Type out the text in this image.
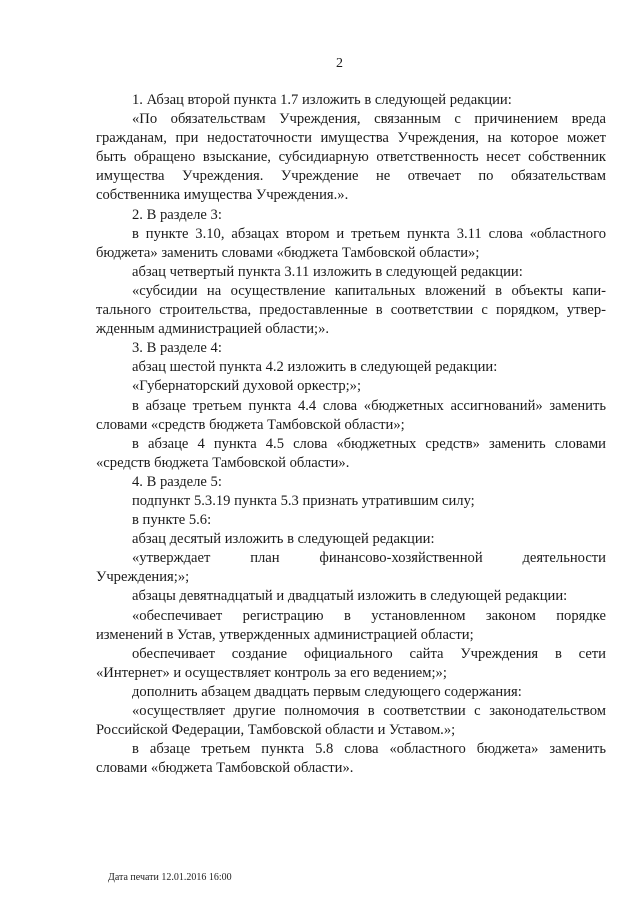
2
1. Абзац второй пункта 1.7 изложить в следующей редакции:
«По обязательствам Учреждения, связанным с причинением вреда
гражданам, при недостаточности имущества Учреждения, на которое может
быть обращено взыскание, субсидиарную ответственность несет собственник
имущества Учреждения. Учреждение не отвечает по обязательствам
собственника имущества Учреждения.».
2. В разделе 3:
в пункте 3.10, абзацах втором и третьем пункта 3.11 слова «областного
бюджета» заменить словами «бюджета Тамбовской области»;
абзац четвертый пункта 3.11 изложить в следующей редакции:
«субсидии на осуществление капитальных вложений в объекты капи-
тального строительства, предоставленные в соответствии с порядком, утвер-
жденным администрацией области;».
3. В разделе 4:
абзац шестой пункта 4.2 изложить в следующей редакции:
«Губернаторский духовой оркестр;»;
в абзаце третьем пункта 4.4 слова «бюджетных ассигнований» заменить
словами «средств бюджета Тамбовской области»;
в абзаце 4 пункта 4.5 слова «бюджетных средств» заменить словами
«средств бюджета Тамбовской области».
4. В разделе 5:
подпункт 5.3.19 пункта 5.3 признать утратившим силу;
в пункте 5.6:
абзац десятый изложить в следующей редакции:
«утверждает план финансово-хозяйственной деятельности
Учреждения;»;
абзацы девятнадцатый и двадцатый изложить в следующей редакции:
«обеспечивает регистрацию в установленном законом порядке
изменений в Устав, утвержденных администрацией области;
обеспечивает создание официального сайта Учреждения в сети
«Интернет» и осуществляет контроль за его ведением;»;
дополнить абзацем двадцать первым следующего содержания:
«осуществляет другие полномочия в соответствии с законодательством
Российской Федерации, Тамбовской области и Уставом.»;
в абзаце третьем пункта 5.8 слова «областного бюджета» заменить
словами «бюджета Тамбовской области».
Дата печати 12.01.2016 16:00
